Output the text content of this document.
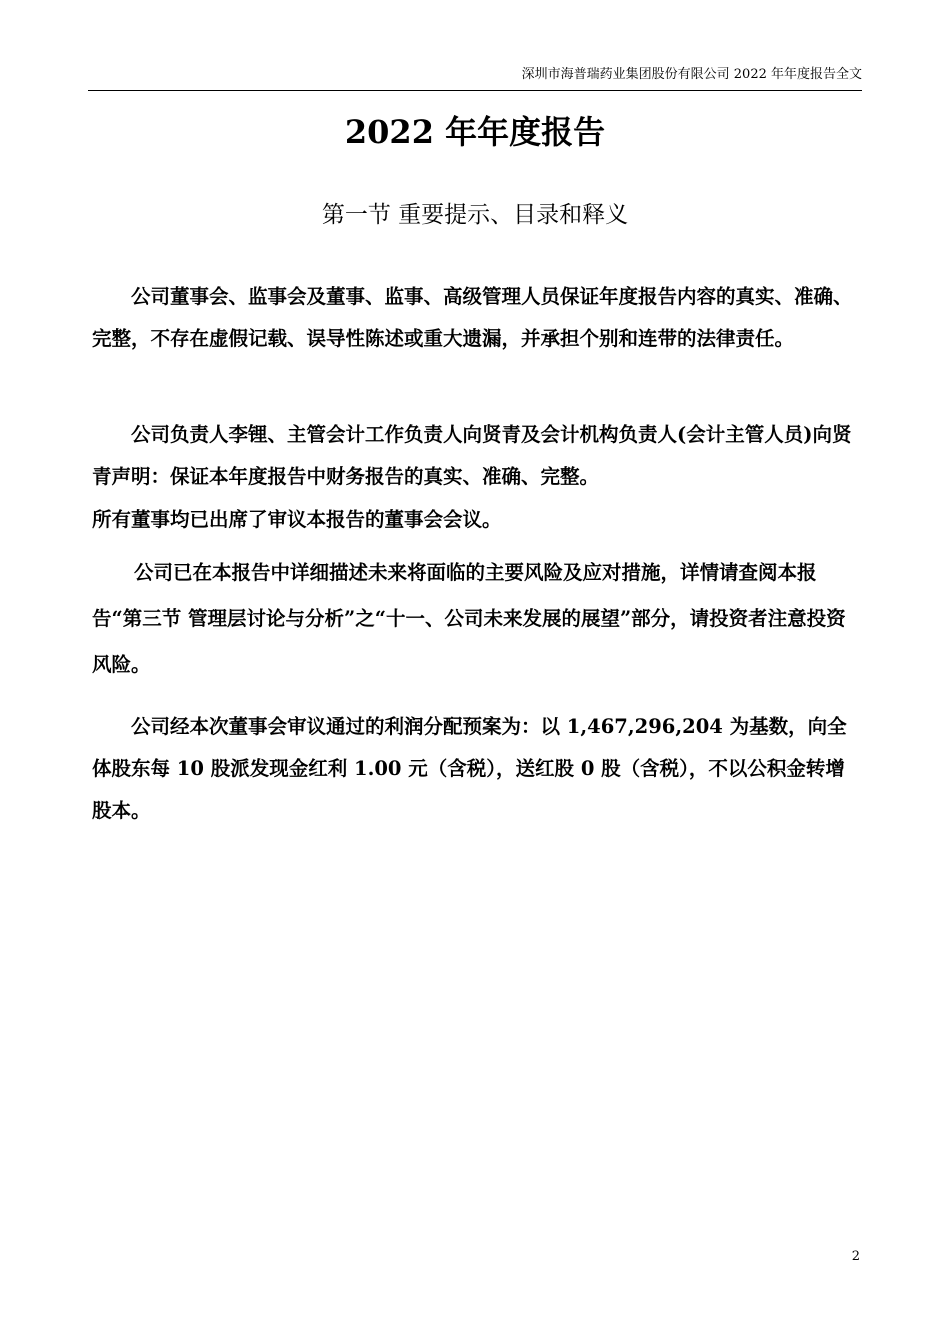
深圳市海普瑞药业集团股份有限公司 2022 年年度报告全文
2022 年年度报告
第一节 重要提示、目录和释义

公司董事会、监事会及董事、监事、高级管理人员保证年度报告内容的真实、准确、完整，不存在虚假记载、误导性陈述或重大遗漏，并承担个别和连带的法律责任。

公司负责人李锂、主管会计工作负责人向贤青及会计机构负责人(会计主管人员)向贤青声明：保证本年度报告中财务报告的真实、准确、完整。

所有董事均已出席了审议本报告的董事会会议。

公司已在本报告中详细描述未来将面临的主要风险及应对措施，详情请查阅本报告“第三节 管理层讨论与分析”之“十一、公司未来发展的展望”部分，请投资者注意投资风险。

公司经本次董事会审议通过的利润分配预案为：以 1,467,296,204 为基数，向全体股东每 10 股派发现金红利 1.00 元（含税），送红股 0 股（含税），不以公积金转增股本。

2
